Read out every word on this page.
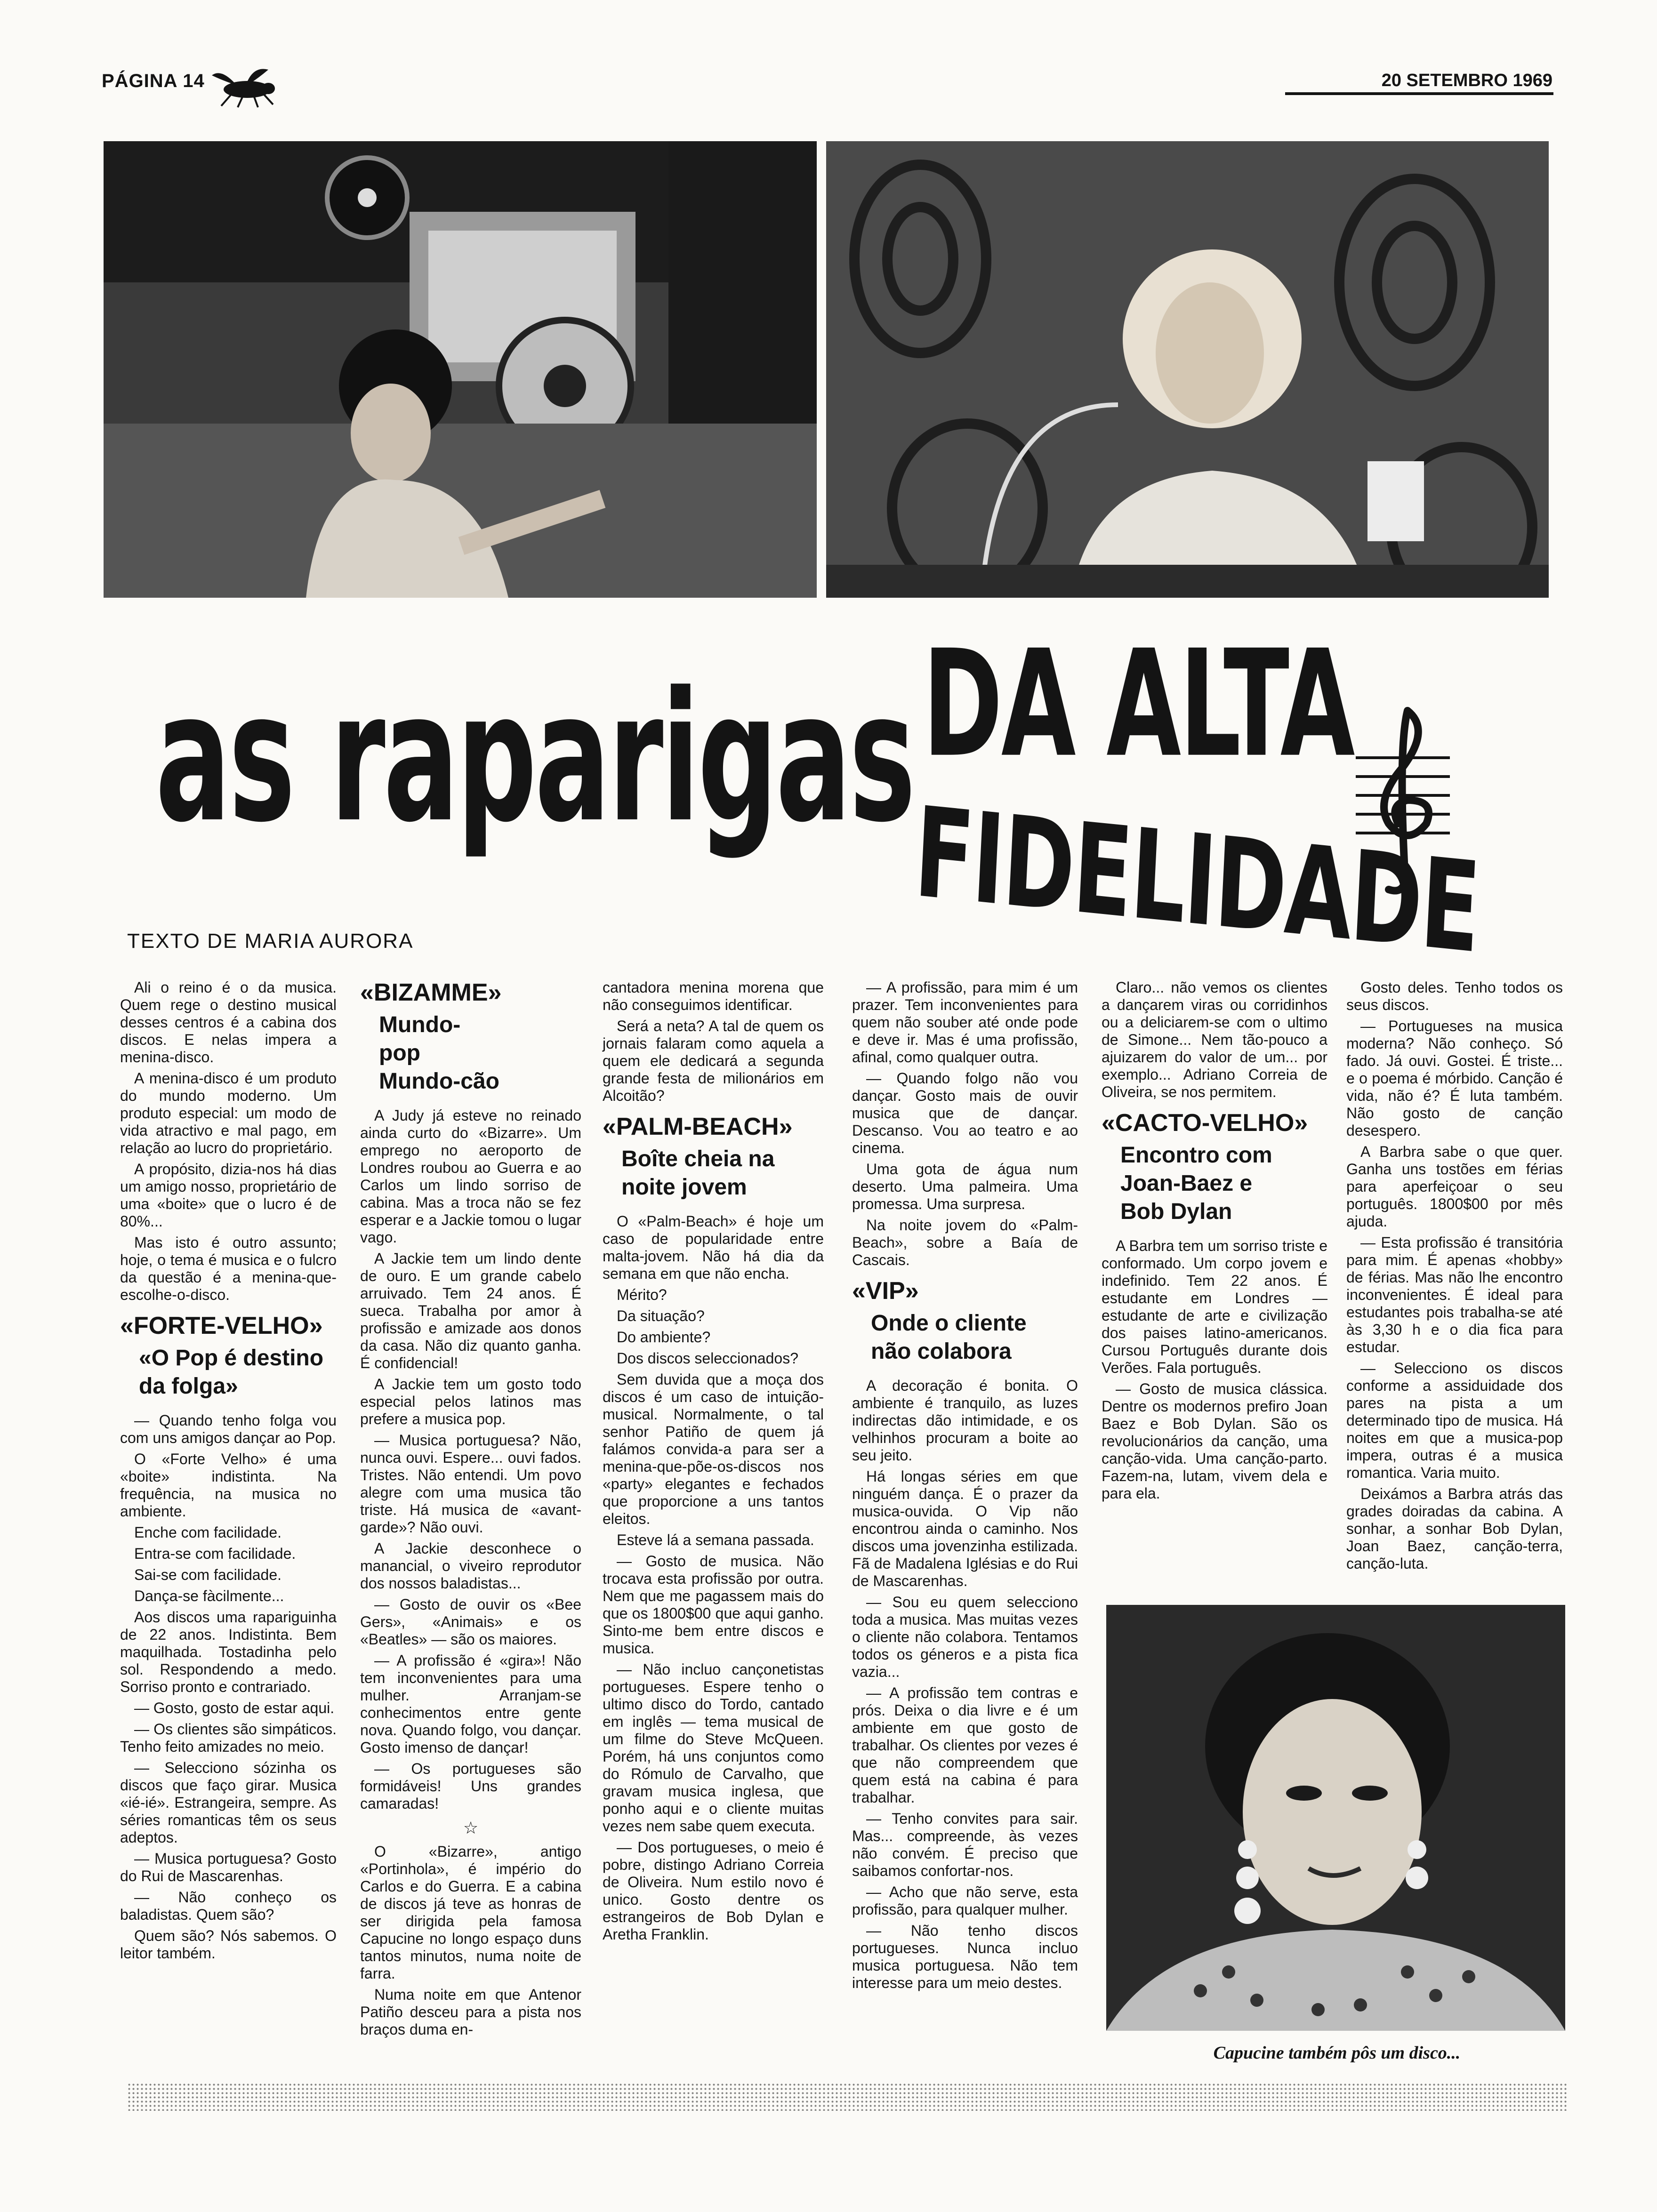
PÁGINA 14	20 SETEMBRO 1969
as raparigas DA ALTA
FIDELIDADE
TEXTO DE MARIA AURORA

Ali o reino é o da musica. Quem rege o destino musical desses centros é a cabina dos discos. E nelas impera a menina-disco.

A menina-disco é um produto do mundo moderno. Um produto especial: um modo de vida atractivo e mal pago, em relação ao lucro do proprietário.

A propósito, dizia-nos há dias um amigo nosso, proprietário de uma «boite» que o lucro é de 80%...

Mas isto é outro assunto; hoje, o tema é musica e o fulcro da questão é a menina-que-escolhe-o-disco.

«FORTE-VELHO»
«O Pop é destino da folga»

— Quando tenho folga vou com uns amigos dançar ao Pop.

O «Forte Velho» é uma «boite» indistinta. Na frequência, na musica no ambiente.

Enche com facilidade.

Entra-se com facilidade.

Sai-se com facilidade.

Dança-se fàcilmente...

Aos discos uma rapariguinha de 22 anos. Indistinta. Bem maquilhada. Tostadinha pelo sol. Respondendo a medo. Sorriso pronto e contrariado.

— Gosto, gosto de estar aqui.

— Os clientes são simpáticos. Tenho feito amizades no meio.

— Selecciono sózinha os discos que faço girar. Musica «ié-ié». Estrangeira, sempre. As séries romanticas têm os seus adeptos.

— Musica portuguesa? Gosto do Rui de Mascarenhas.

— Não conheço os baladistas. Quem são?

Quem são? Nós sabemos. O leitor também.

«BIZAMME»
Mundo-pop Mundo-cão

A Judy já esteve no reinado ainda curto do «Bizarre». Um emprego no aeroporto de Londres roubou ao Guerra e ao Carlos um lindo sorriso de cabina. Mas a troca não se fez esperar e a Jackie tomou o lugar vago.

A Jackie tem um lindo dente de ouro. E um grande cabelo arruivado. Tem 24 anos. É suecа. Trabalha por amor à profissão e amizade aos donos da casa. Não diz quanto ganha. É confidencial!

A Jackie tem um gosto todo especial pelos latinos mas prefere a musica pop.

— Musica portuguesa? Não, nunca ouvi. Espere... ouvi fados. Tristes. Não entendi. Um povo alegre com uma musica tão triste. Há musica de «avant-garde»? Não ouvi.

A Jackie desconhece o manancial, o viveiro reprodutor dos nossos baladistas...

— Gosto de ouvir os «Bee Gers», «Animais» e os «Beatles» — são os maiores.

— A profissão é «gira»! Não tem inconvenientes para uma mulher. Arranjam-se conhecimentos entre gente nova. Quando folgo, vou dançar. Gosto imenso de dançar!

— Os portugueses são formidáveis! Uns grandes camaradas!

☆

O «Bizarre», antigo «Portinhola», é império do Carlos e do Guerra. E a cabina de discos já teve as honras de ser dirigida pela famosa Capucine no longo espaço duns tantos minutos, numa noite de farra.

Numa noite em que Antenor Patiño desceu para a pista nos braços duma en-

cantadora menina morena que não conseguimos identificar.

Será a neta? A tal de quem os jornais falaram como aquela a quem ele dedicará a segunda grande festa de milionários em Alcoitão?

«PALM-BEACH»
Boîte cheia na noite jovem

O «Palm-Beach» é hoje um caso de popularidade entre malta-jovem. Não há dia da semana em que não encha.

Mérito?

Da situação?

Do ambiente?

Dos discos seleccionados?

Sem duvida que a moça dos discos é um caso de intuição-musical. Normalmente, o tal senhor Patiño de quem já falámos convida-a para ser a menina-que-põe-os-discos nos «party» elegantes e fechados que proporcione a uns tantos eleitos.

Esteve lá a semana passada.

— Gosto de musica. Não trocava esta profissão por outra. Nem que me pagassem mais do que os 1800$00 que aqui ganho. Sinto-me bem entre discos e musica.

— Não incluo cançonetistas portugueses. Espere tenho o ultimo disco do Tordo, cantado em inglês — tema musical de um filme do Steve McQueen. Porém, há uns conjuntos como do Rómulo de Carvalho, que gravam musica inglesa, que ponho aqui e o cliente muitas vezes nem sabe quem executa.

— Dos portugueses, o meio é pobre, distingo Adriano Correia de Oliveira. Num estilo novo é unico. Gosto dentre os estrangeiros de Bob Dylan e Aretha Franklin.

— A profissão, para mim é um prazer. Tem inconvenientes para quem não souber até onde pode e deve ir. Mas é uma profissão, afinal, como qualquer outra.

— Quando folgo não vou dançar. Gosto mais de ouvir musica que de dançar. Descanso. Vou ao teatro e ao cinema.

Uma gota de água num deserto. Uma palmeira. Uma promessa. Uma surpresa.

Na noite jovem do «Palm-Beach», sobre a Baía de Cascais.

«VIP»
Onde o cliente não colabora

A decoração é bonita. O ambiente é tranquilo, as luzes indirectas dão intimidade, e os velhinhos procuram a boite ao seu jeito.

Há longas séries em que ninguém dança. É o prazer da musica-ouvida. O Vip não encontrou ainda o caminho. Nos discos uma jovenzinha estilizada. Fã de Madalena Iglésias e do Rui de Mascarenhas.

— Sou eu quem selecciono toda a musica. Mas muitas vezes o cliente não colabora. Tentamos todos os géneros e a pista fica vazia...

— A profissão tem contras e prós. Deixa o dia livre e é um ambiente em que gosto de trabalhar. Os clientes por vezes é que não compreendem que quem está na cabina é para trabalhar.

— Tenho convites para sair. Mas... compreende, às vezes não convém. É preciso que saibamos confortar-nos.

— Acho que não serve, esta profissão, para qualquer mulher.

— Não tenho discos portugueses. Nunca incluo musica portuguesa. Não tem interesse para um meio destes.

Claro... não vemos os clientes a dançarem viras ou corridinhos ou a deliciarem-se com o ultimo de Simone... Nem tão-pouco a ajuizarem do valor de um... por exemplo... Adriano Correia de Oliveira, se nos permitem.

«CACTO-VELHO»
Encontro com Joan-Baez e Bob Dylan

A Barbra tem um sorriso triste e conformado. Um corpo jovem e indefinido. Tem 22 anos. É estudante em Londres — estudante de arte e civilização dos paises latino-americanos. Cursou Português durante dois Verões. Fala português.

— Gosto de musica clássica. Dentre os modernos prefiro Joan Baez e Bob Dylan. São os revolucionários da canção, uma canção-vida. Uma canção-parto. Fazem-na, lutam, vivem dela e para ela.

Gosto deles. Tenho todos os seus discos.

— Portugueses na musica moderna? Não conheço. Só fado. Já ouvi. Gostei. É triste... e o poema é mórbido. Canção é vida, não é? É luta também. Não gosto de canção desespero.

A Barbra sabe o que quer. Ganha uns tostões em férias para aperfeiçoar o seu português. 1800$00 por mês ajuda.

— Esta profissão é transitória para mim. É apenas «hobby» de férias. Mas não lhe encontro inconvenientes. É ideal para estudantes pois trabalha-se até às 3,30 h e o dia fica para estudar.

— Selecciono os discos conforme a assiduidade dos pares na pista a um determinado tipo de musica. Há noites em que a musica-pop impera, outras é a musica romantica. Varia muito.

Deixámos a Barbra atrás das grades doiradas da cabina. A sonhar, a sonhar Bob Dylan, Joan Baez, canção-terra, canção-luta.

Capucine também pôs um disco...
